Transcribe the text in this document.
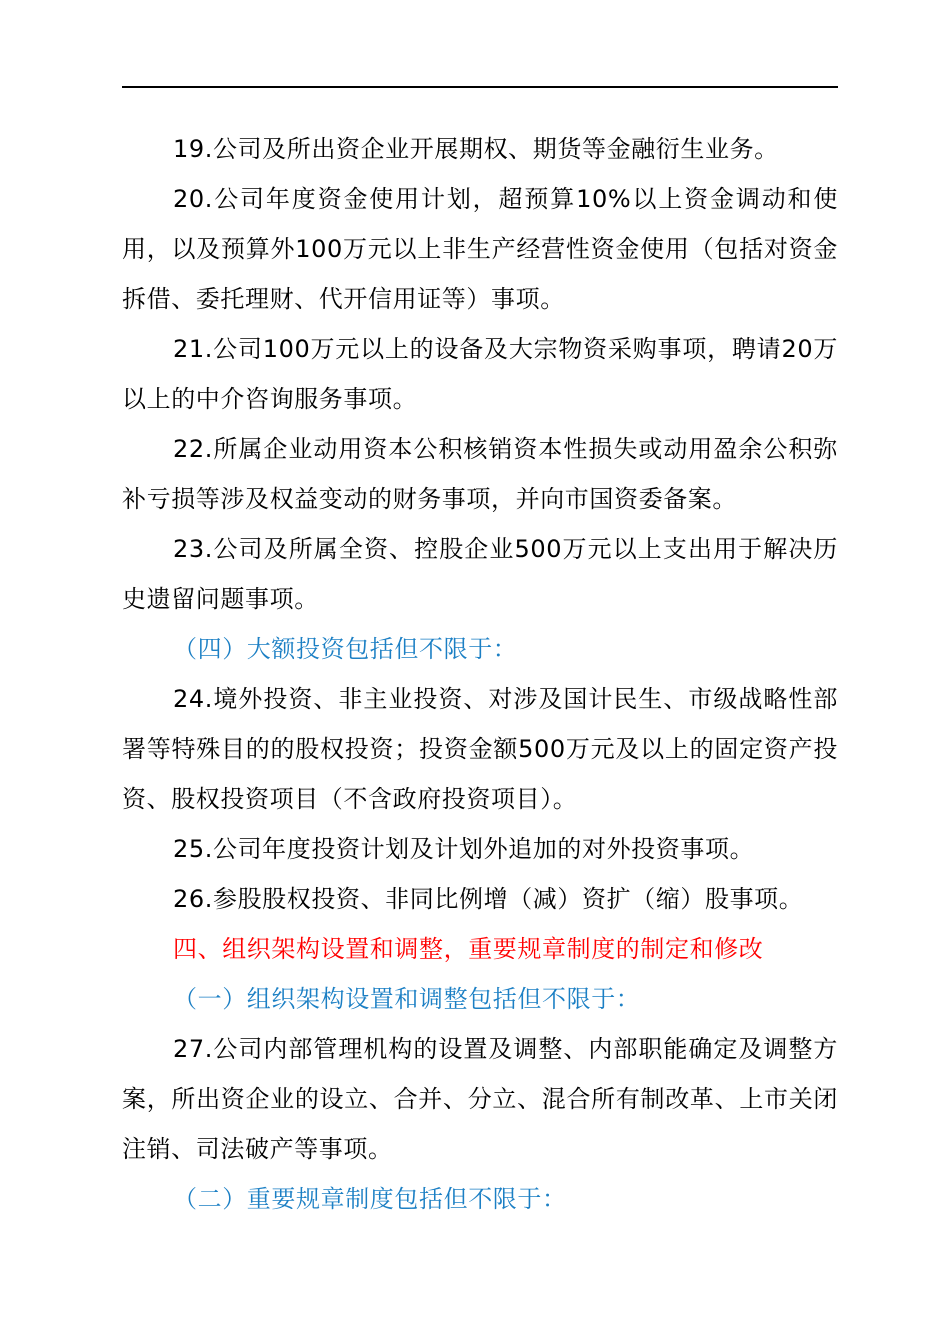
19.公司及所出资企业开展期权、期货等金融衍生业务。

20.公司年度资金使用计划，超预算10%以上资金调动和使用，以及预算外100万元以上非生产经营性资金使用（包括对资金拆借、委托理财、代开信用证等）事项。

21.公司100万元以上的设备及大宗物资采购事项，聘请20万以上的中介咨询服务事项。

22.所属企业动用资本公积核销资本性损失或动用盈余公积弥补亏损等涉及权益变动的财务事项，并向市国资委备案。

23.公司及所属全资、控股企业500万元以上支出用于解决历史遗留问题事项。

（四）大额投资包括但不限于：

24.境外投资、非主业投资、对涉及国计民生、市级战略性部署等特殊目的的股权投资；投资金额500万元及以上的固定资产投资、股权投资项目（不含政府投资项目）。

25.公司年度投资计划及计划外追加的对外投资事项。

26.参股股权投资、非同比例增（减）资扩（缩）股事项。

四、组织架构设置和调整，重要规章制度的制定和修改

（一）组织架构设置和调整包括但不限于：

27.公司内部管理机构的设置及调整、内部职能确定及调整方案，所出资企业的设立、合并、分立、混合所有制改革、上市关闭注销、司法破产等事项。

（二）重要规章制度包括但不限于：
